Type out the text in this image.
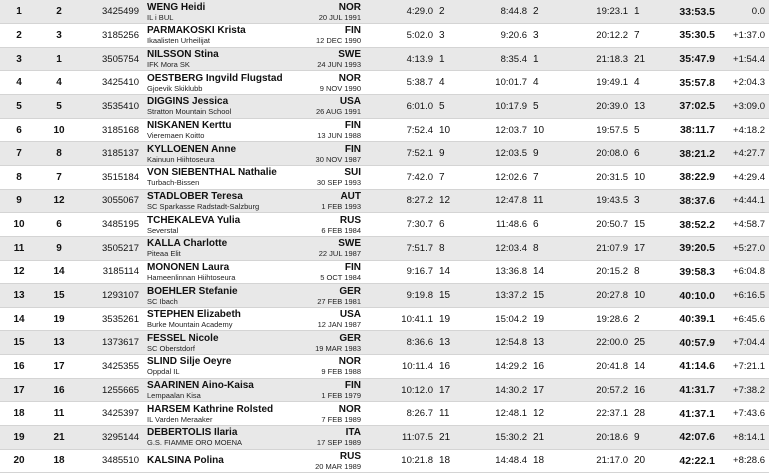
1	2	3425499	WENG Heidi
IL i BUL	NOR
20 JUL 1991	4:29.0	2	8:44.8	2	19:23.1	1	33:53.5	0.0
2	3	3185256	PARMAKOSKI Krista
Ikaalisten Urheilijat	FIN
12 DEC 1990	5:02.0	3	9:20.6	3	20:12.2	7	35:30.5	+1:37.0
3	1	3505754	NILSSON Stina
IFK Mora SK	SWE
24 JUN 1993	4:13.9	1	8:35.4	1	21:18.3	21	35:47.9	+1:54.4
4	4	3425410	OESTBERG Ingvild Flugstad
Gjoevik Skiklubb	NOR
9 NOV 1990	5:38.7	4	10:01.7	4	19:49.1	4	35:57.8	+2:04.3
5	5	3535410	DIGGINS Jessica
Stratton Mountain School	USA
26 AUG 1991	6:01.0	5	10:17.9	5	20:39.0	13	37:02.5	+3:09.0
6	10	3185168	NISKANEN Kerttu
Vieremaen Koitto	FIN
13 JUN 1988	7:52.4	10	12:03.7	10	19:57.5	5	38:11.7	+4:18.2
7	8	3185137	KYLLOENEN Anne
Kainuun Hiihtoseura	FIN
30 NOV 1987	7:52.1	9	12:03.5	9	20:08.0	6	38:21.2	+4:27.7
8	7	3515184	VON SIEBENTHAL Nathalie
Turbach-Bissen	SUI
30 SEP 1993	7:42.0	7	12:02.6	7	20:31.5	10	38:22.9	+4:29.4
9	12	3055067	STADLOBER Teresa
SC Sparkasse Radstadt-Salzburg	AUT
1 FEB 1993	8:27.2	12	12:47.8	11	19:43.5	3	38:37.6	+4:44.1
10	6	3485195	TCHEKALEVA Yulia
Severstal	RUS
6 FEB 1984	7:30.7	6	11:48.6	6	20:50.7	15	38:52.2	+4:58.7
11	9	3505217	KALLA Charlotte
Piteaa Elit	SWE
22 JUL 1987	7:51.7	8	12:03.4	8	21:07.9	17	39:20.5	+5:27.0
12	14	3185114	MONONEN Laura
Hameenlinnan Hiihtoseura	FIN
5 OCT 1984	9:16.7	14	13:36.8	14	20:15.2	8	39:58.3	+6:04.8
13	15	1293107	BOEHLER Stefanie
SC Ibach	GER
27 FEB 1981	9:19.8	15	13:37.2	15	20:27.8	10	40:10.0	+6:16.5
14	19	3535261	STEPHEN Elizabeth
Burke Mountain Academy	USA
12 JAN 1987	10:41.1	19	15:04.2	19	19:28.6	2	40:39.1	+6:45.6
15	13	1373617	FESSEL Nicole
SC Oberstdorf	GER
19 MAR 1983	8:36.6	13	12:54.8	13	22:00.0	25	40:57.9	+7:04.4
16	17	3425355	SLIND Silje Oeyre
Oppdal IL	NOR
9 FEB 1988	10:11.4	16	14:29.2	16	20:41.8	14	41:14.6	+7:21.1
17	16	1255665	SAARINEN Aino-Kaisa
Lempaalan Kisa	FIN
1 FEB 1979	10:12.0	17	14:30.2	17	20:57.2	16	41:31.7	+7:38.2
18	11	3425397	HARSEM Kathrine Rolsted
IL Varden Meraaker	NOR
7 FEB 1989	8:26.7	11	12:48.1	12	22:37.1	28	41:37.1	+7:43.6
19	21	3295144	DEBERTOLIS Ilaria
G.S. FIAMME ORO MOENA	ITA
17 SEP 1989	11:07.5	21	15:30.2	21	20:18.6	9	42:07.6	+8:14.1
20	18	3485510	KALSINA Polina	RUS
20 MAR 1989	10:21.8	18	14:48.4	18	21:17.0	20	42:22.1	+8:28.6
